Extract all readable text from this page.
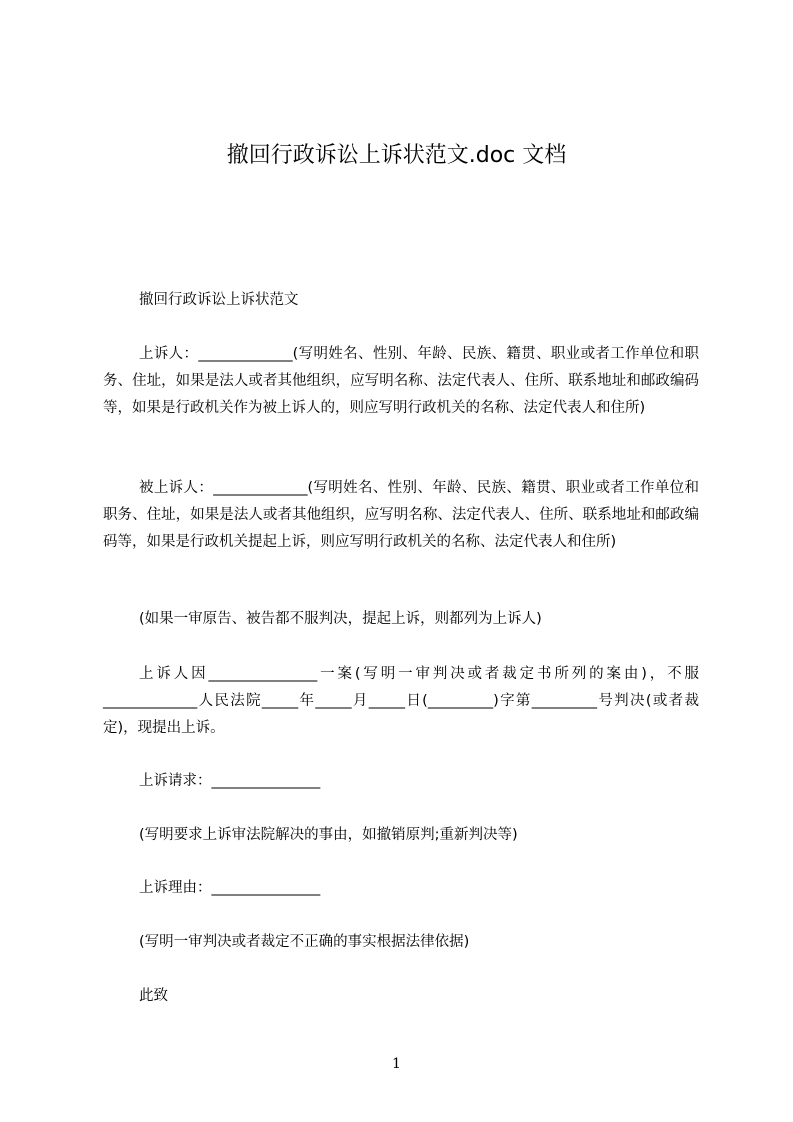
撤回行政诉讼上诉状范文.doc 文档

撤回行政诉讼上诉状范文

上诉人：_____________(写明姓名、性别、年龄、民族、籍贯、职业或者工作单位和职务、住址，如果是法人或者其他组织，应写明名称、法定代表人、住所、联系地址和邮政编码等，如果是行政机关作为被上诉人的，则应写明行政机关的名称、法定代表人和住所)

被上诉人：_____________(写明姓名、性别、年龄、民族、籍贯、职业或者工作单位和职务、住址，如果是法人或者其他组织，应写明名称、法定代表人、住所、联系地址和邮政编码等，如果是行政机关提起上诉，则应写明行政机关的名称、法定代表人和住所)

(如果一审原告、被告都不服判决，提起上诉，则都列为上诉人)

上诉人因_______________一案(写明一审判决或者裁定书所列的案由)，不服_____________人民法院_____年_____月_____日(_________)字第_________号判决(或者裁定)，现提出上诉。

上诉请求：_______________

(写明要求上诉审法院解决的事由，如撤销原判;重新判决等)

上诉理由：_______________

(写明一审判决或者裁定不正确的事实根据法律依据)

此致

1
